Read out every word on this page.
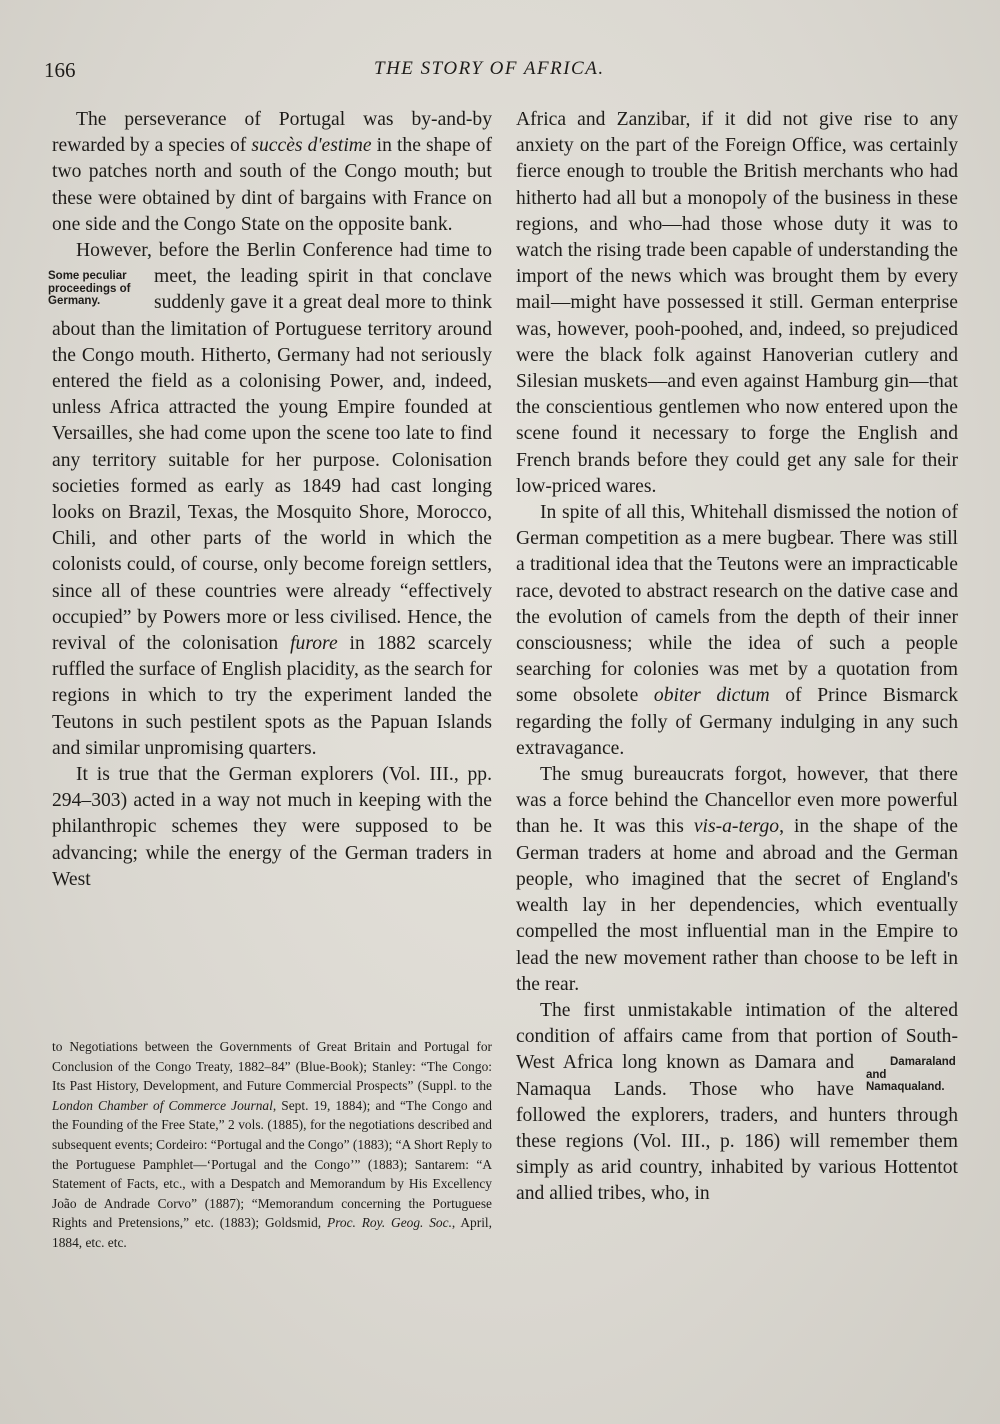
166	THE STORY OF AFRICA.

The perseverance of Portugal was by-and-by rewarded by a species of succès d'estime in the shape of two patches north and south of the Congo mouth; but these were obtained by dint of bargains with France on one side and the Congo State on the opposite bank.

However, before the Berlin Conference had time to meet, the leading spirit in that conclave
Some peculiar proceedings of Germany.	suddenly gave it a great deal more to think about than the limitation of Portuguese territory around the Congo mouth. Hitherto, Germany had not seriously entered the field as a colonising Power, and, indeed, unless Africa attracted the young Empire founded at Versailles, she had come upon the scene too late to find any territory suitable for her purpose. Colonisation societies formed as early as 1849 had cast longing looks on Brazil, Texas, the Mosquito Shore, Morocco, Chili, and other parts of the world in which the colonists could, of course, only become foreign settlers, since all of these countries were already “effectively occupied” by Powers more or less civilised. Hence, the revival of the colonisation furore in 1882 scarcely ruffled the surface of English placidity, as the search for regions in which to try the experiment landed the Teutons in such pestilent spots as the Papuan Islands and similar unpromising quarters.

It is true that the German explorers (Vol. III., pp. 294–303) acted in a way not much in keeping with the philanthropic schemes they were supposed to be advancing; while the energy of the German traders in West

to Negotiations between the Governments of Great Britain and Portugal for Conclusion of the Congo Treaty, 1882–84” (Blue-Book); Stanley: “The Congo: Its Past History, Development, and Future Commercial Prospects” (Suppl. to the London Chamber of Commerce Journal, Sept. 19, 1884); and “The Congo and the Founding of the Free State,” 2 vols. (1885), for the negotiations described and subsequent events; Cordeiro: “Portugal and the Congo” (1883); “A Short Reply to the Portuguese Pamphlet—‘Portugal and the Congo’” (1883); Santarem: “A Statement of Facts, etc., with a Despatch and Memorandum by His Excellency João de Andrade Corvo” (1887); “Memorandum concerning the Portuguese Rights and Pretensions,” etc. (1883); Goldsmid, Proc. Roy. Geog. Soc., April, 1884, etc. etc.

Africa and Zanzibar, if it did not give rise to any anxiety on the part of the Foreign Office, was certainly fierce enough to trouble the British merchants who had hitherto had all but a monopoly of the business in these regions, and who—had those whose duty it was to watch the rising trade been capable of understanding the import of the news which was brought them by every mail—might have possessed it still. German enterprise was, however, pooh-poohed, and, indeed, so prejudiced were the black folk against Hanoverian cutlery and Silesian muskets—and even against Hamburg gin—that the conscientious gentlemen who now entered upon the scene found it necessary to forge the English and French brands before they could get any sale for their low-priced wares.

In spite of all this, Whitehall dismissed the notion of German competition as a mere bugbear. There was still a traditional idea that the Teutons were an impracticable race, devoted to abstract research on the dative case and the evolution of camels from the depth of their inner consciousness; while the idea of such a people searching for colonies was met by a quotation from some obsolete obiter dictum of Prince Bismarck regarding the folly of Germany indulging in any such extravagance.

The smug bureaucrats forgot, however, that there was a force behind the Chancellor even more powerful than he. It was this vis-a-tergo, in the shape of the German traders at home and abroad and the German people, who imagined that the secret of England's wealth lay in her dependencies, which eventually compelled the most influential man in the Empire to lead the new movement rather than choose to be left in the rear.

The first unmistakable intimation of the altered condition of affairs came from that portion of South-West Africa long	Damaraland and Namaqualand.
known as Damara and Namaqua Lands. Those who have followed the explorers, traders, and hunters through these regions (Vol. III., p. 186) will remember them simply as arid country, inhabited by various Hottentot and allied tribes, who, in
